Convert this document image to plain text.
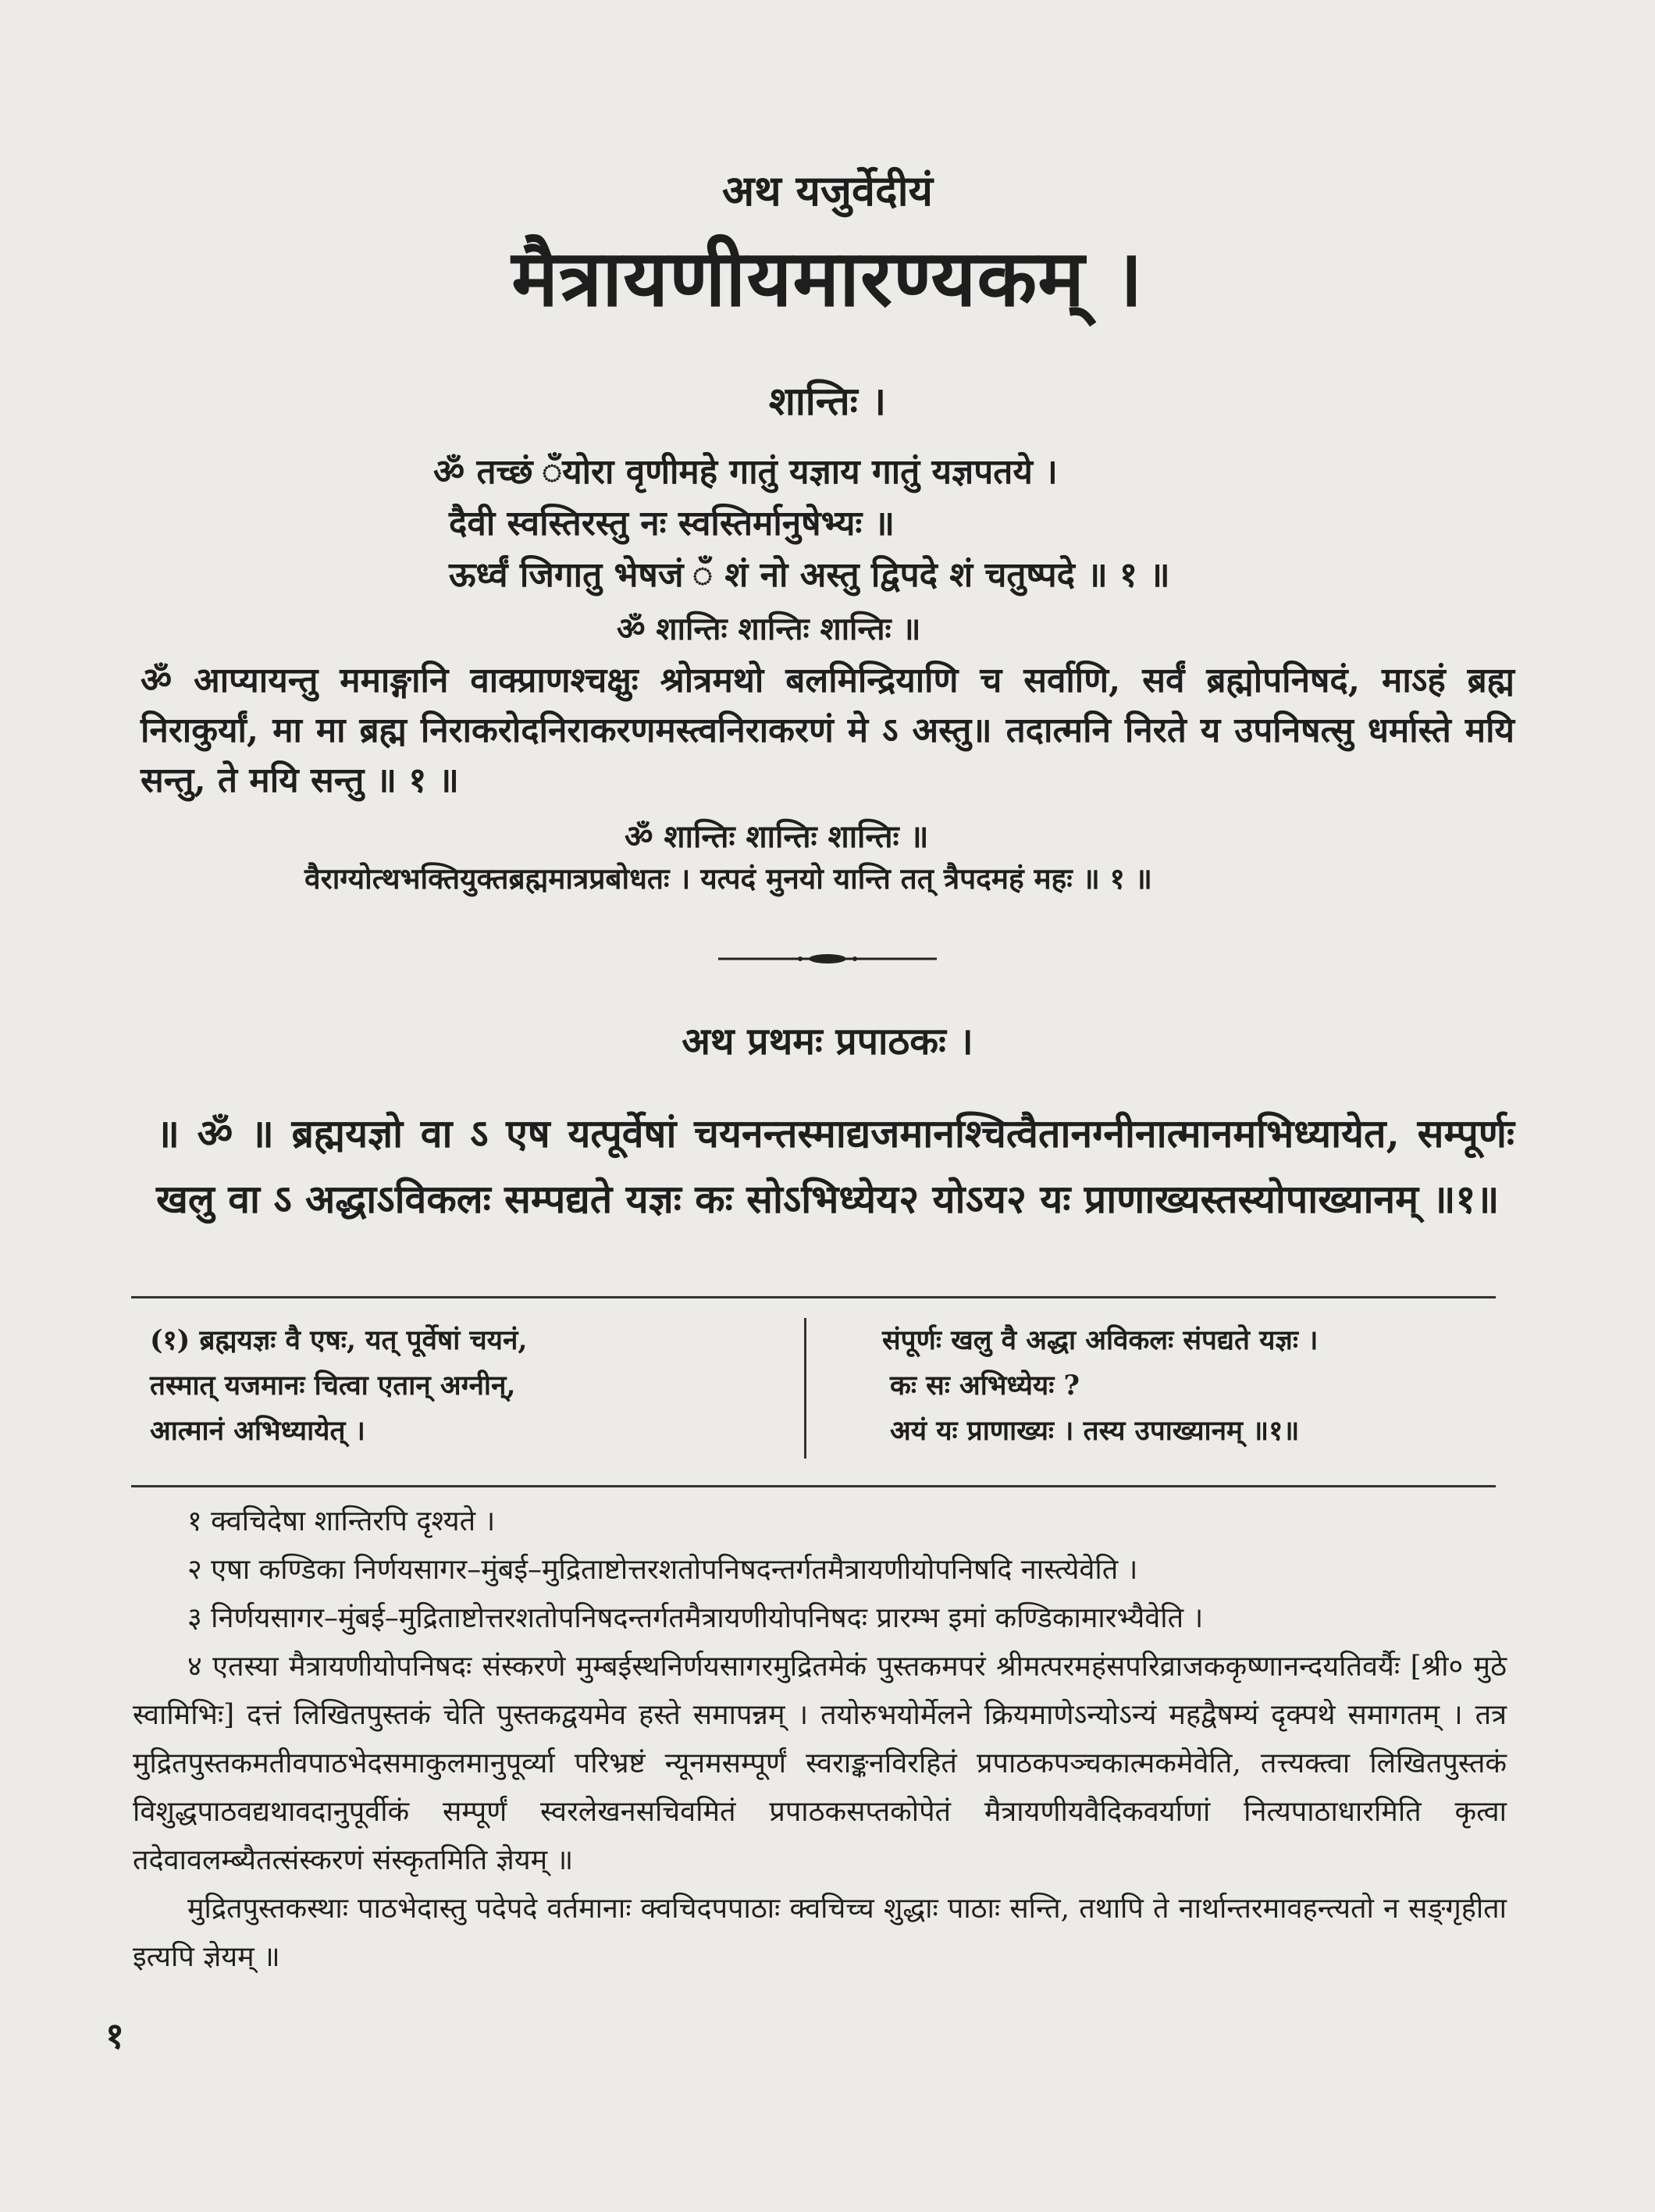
अथ यजुर्वेदीयं
मैत्रायणीयमारण्यकम् ।
शान्तिः ।
ॐ तच्छं ँयोरा वृणीमहे गातुं यज्ञाय गातुं यज्ञपतये ।
दैवी स्वस्तिरस्तु नः स्वस्तिर्मानुषेभ्यः ॥
ऊर्ध्वं जिगातु भेषजं ँ शं नो अस्तु द्विपदे शं चतुष्पदे ॥ १ ॥
ॐ शान्तिः शान्तिः शान्तिः ॥
ॐ आप्यायन्तु ममाङ्गानि वाक्प्राणश्चक्षुः श्रोत्रमथो बलमिन्द्रियाणि च सर्वाणि, सर्वं ब्रह्मोपनिषदं, माऽहं ब्रह्म निराकुर्यां, मा मा ब्रह्म निराकरोदनिराकरणमस्त्वनिराकरणं मे ऽ अस्तु॥ तदात्मनि निरते य उपनिषत्सु धर्मास्ते मयि सन्तु, ते मयि सन्तु ॥ १ ॥
ॐ शान्तिः शान्तिः शान्तिः ॥
वैराग्योत्थभक्तियुक्तब्रह्ममात्रप्रबोधतः । यत्पदं मुनयो यान्ति तत् त्रैपदमहं महः ॥ १ ॥
अथ प्रथमः प्रपाठकः ।
॥ ॐ ॥ ब्रह्मयज्ञो वा ऽ एष यत्पूर्वेषां चयनन्तस्माद्यजमानश्चित्वैतानग्नीनात्मानमभिध्यायेत, सम्पूर्णः खलु वा ऽ अद्धाऽविकलः सम्पद्यते यज्ञः कः सोऽभिध्येय२ योऽय२ यः प्राणाख्यस्तस्योपाख्यानम् ॥१॥
(१) ब्रह्मयज्ञः वै एषः, यत् पूर्वेषां चयनं,
तस्मात् यजमानः चित्वा एतान् अग्नीन्,
आत्मानं अभिध्यायेत् ।
संपूर्णः खलु वै अद्धा अविकलः संपद्यते यज्ञः ।
कः सः अभिध्येयः ?
अयं यः प्राणाख्यः । तस्य उपाख्यानम् ॥१॥

१ क्वचिदेषा शान्तिरपि दृश्यते ।

२ एषा कण्डिका निर्णयसागर–मुंबई–मुद्रिताष्टोत्तरशतोपनिषदन्तर्गतमैत्रायणीयोपनिषदि नास्त्येवेति ।

३ निर्णयसागर–मुंबई–मुद्रिताष्टोत्तरशतोपनिषदन्तर्गतमैत्रायणीयोपनिषदः प्रारम्भ इमां कण्डिकामारभ्यैवेति ।

४ एतस्या मैत्रायणीयोपनिषदः संस्करणे मुम्बईस्थनिर्णयसागरमुद्रितमेकं पुस्तकमपरं श्रीमत्परमहंसपरिव्राजककृष्णानन्दयतिवर्यैः [श्री० मुठे स्वामिभिः] दत्तं लिखितपुस्तकं चेति पुस्तकद्वयमेव हस्ते समापन्नम् । तयोरुभयोर्मेलने क्रियमाणेऽन्योऽन्यं महद्वैषम्यं दृक्पथे समागतम् । तत्र मुद्रितपुस्तकमतीवपाठभेदसमाकुलमानुपूर्व्या परिभ्रष्टं न्यूनमसम्पूर्णं स्वराङ्कनविरहितं प्रपाठकपञ्चकात्मकमेवेति, तत्त्यक्त्वा लिखितपुस्तकं विशुद्धपाठवद्यथावदानुपूर्वीकं सम्पूर्णं स्वरलेखनसचिवमितं प्रपाठकसप्तकोपेतं मैत्रायणीयवैदिकवर्याणां नित्यपाठाधारमिति कृत्वा तदेवावलम्ब्यैतत्संस्करणं संस्कृतमिति ज्ञेयम् ॥

मुद्रितपुस्तकस्थाः पाठभेदास्तु पदेपदे वर्तमानाः क्वचिदपपाठाः क्वचिच्च शुद्धाः पाठाः सन्ति, तथापि ते नार्थान्तरमावहन्त्यतो न सङ्गृहीता इत्यपि ज्ञेयम् ॥

१
